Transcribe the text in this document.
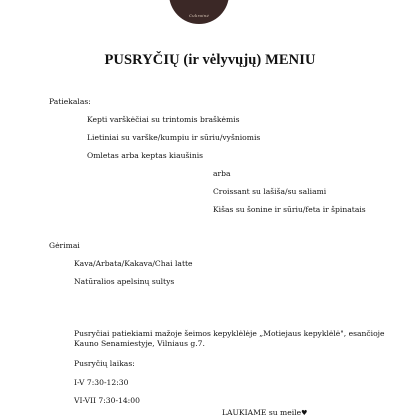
Cukrainė
PUSRYČIŲ (ir vėlyvųjų) MENIU
Patiekalas:
Kepti varškėčiai su trintomis braškėmis
Lietiniai su varške/kumpiu ir sūriu/vyšniomis
Omletas arba keptas kiaušinis
arba
Croissant su lašiša/su saliami
Kišas su šonine ir sūriu/feta ir špinatais
Gėrimai
Kava/Arbata/Kakava/Chai latte
Natūralios apelsinų sultys
Pusryčiai patiekiami mažoje šeimos kepyklėlėje „Motiejaus kepyklėlė", esančioje
Kauno Senamiestyje, Vilniaus g.7.
Pusryčių laikas:
I-V 7:30-12:30
VI-VII 7:30-14:00
LAUKIAME su meile♥
